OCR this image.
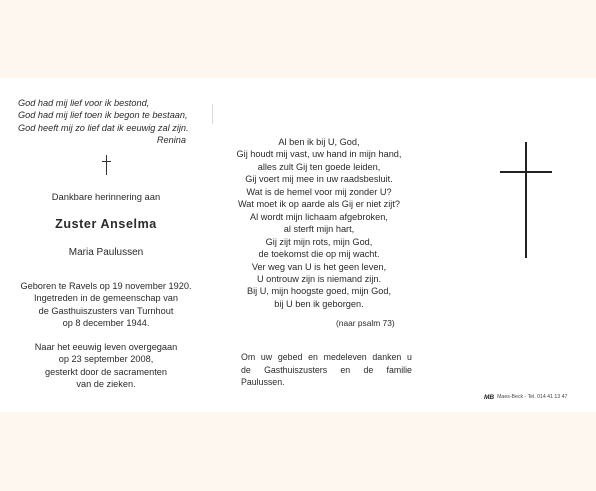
God had mij lief voor ik bestond,
God had mij lief toen ik begon te bestaan,
God heeft mij zo lief dat ik eeuwig zal zijn.
Renina
Dankbare herinnering aan
Zuster Anselma
Maria Paulussen
Geboren te Ravels op 19 november 1920.
Ingetreden in de gemeenschap van
de Gasthuiszusters van Turnhout
op 8 december 1944.
Naar het eeuwig leven overgegaan
op 23 september 2008,
gesterkt door de sacramenten
van de zieken.
Al ben ik bij U, God,
Gij houdt mij vast, uw hand in mijn hand,
alles zult Gij ten goede leiden,
Gij voert mij mee in uw raadsbesluit.
Wat is de hemel voor mij zonder U?
Wat moet ik op aarde als Gij er niet zijt?
Al wordt mijn lichaam afgebroken,
al sterft mijn hart,
Gij zijt mijn rots, mijn God,
de toekomst die op mij wacht.
Ver weg van U is het geen leven,
U ontrouw zijn is niemand zijn.
Bij U, mijn hoogste goed, mijn God,
bij U ben ik geborgen.
(naar psalm 73)
Om uw gebed en medeleven danken u
de Gasthuiszusters en de familie
Paulussen.
ΜΒ Maes-Beck - Tel. 014 41 13 47
